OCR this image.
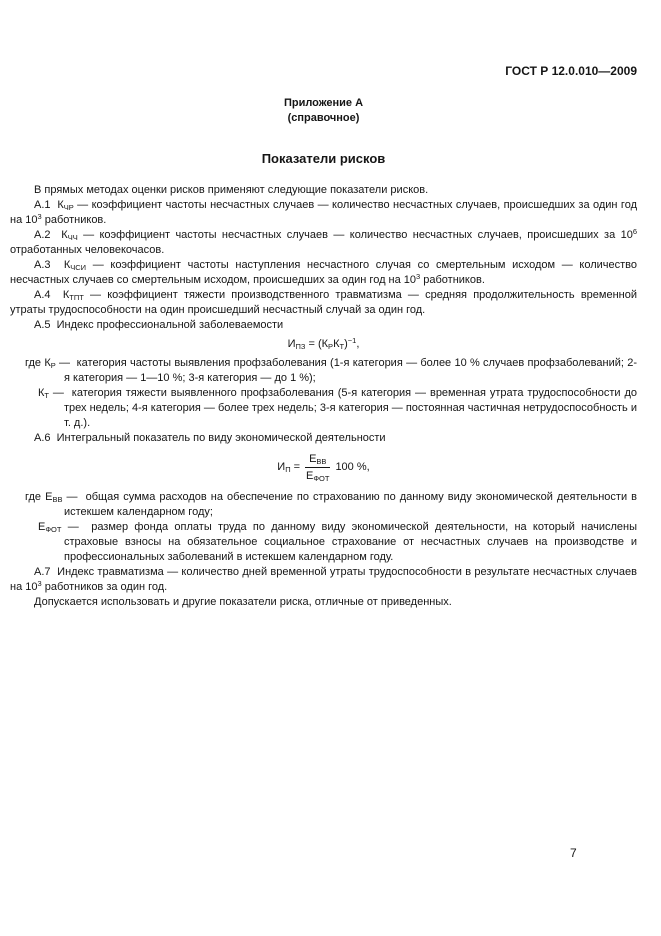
ГОСТ Р 12.0.010—2009

Приложение А
(справочное)

Показатели рисков

В прямых методах оценки рисков применяют следующие показатели рисков.

А.1  $К_{ЧР}$ — коэффициент частоты несчастных случаев — количество несчастных случаев, происшедших за один год на $10^3$ работников.

А.2  $К_{ЧЧ}$ — коэффициент частоты несчастных случаев — количество несчастных случаев, происшедших за $10^6$ отработанных человекочасов.

А.3  $К_{ЧСИ}$ — коэффициент частоты наступления несчастного случая со смертельным исходом — количество несчастных случаев со смертельным исходом, происшедших за один год на $10^3$ работников.

А.4  $К_{ТПТ}$ — коэффициент тяжести производственного травматизма — средняя продолжительность временной утраты трудоспособности на один происшедший несчастный случай за один год.

А.5  Индекс профессиональной заболеваемости

$И_{ПЗ} = (К_РК_Т)^{-1}$,

где $К_Р$ —  категория частоты выявления профзаболевания (1-я категория — более 10 % случаев профзаболеваний; 2-я категория — 1—10 %; 3-я категория — до 1 %);

$К_Т$ —  категория тяжести выявленного профзаболевания (5-я категория — временная утрата трудоспособности до трех недель; 4-я категория — более трех недель; 3-я категория — постоянная частичная нетрудоспособность и т. д.).

А.6  Интегральный показатель по виду экономической деятельности

$И_П = \frac{Е_{ВВ}}{Е_{ФОТ}} 100$ %,

где $Е_{ВВ}$ —  общая сумма расходов на обеспечение по страхованию по данному виду экономической деятельности в истекшем календарном году;

$Е_{ФОТ}$ —  размер фонда оплаты труда по данному виду экономической деятельности, на который начислены страховые взносы на обязательное социальное страхование от несчастных случаев на производстве и профессиональных заболеваний в истекшем календарном году.

А.7  Индекс травматизма — количество дней временной утраты трудоспособности в результате несчастных случаев на $10^3$ работников за один год.

Допускается использовать и другие показатели риска, отличные от приведенных.

7
